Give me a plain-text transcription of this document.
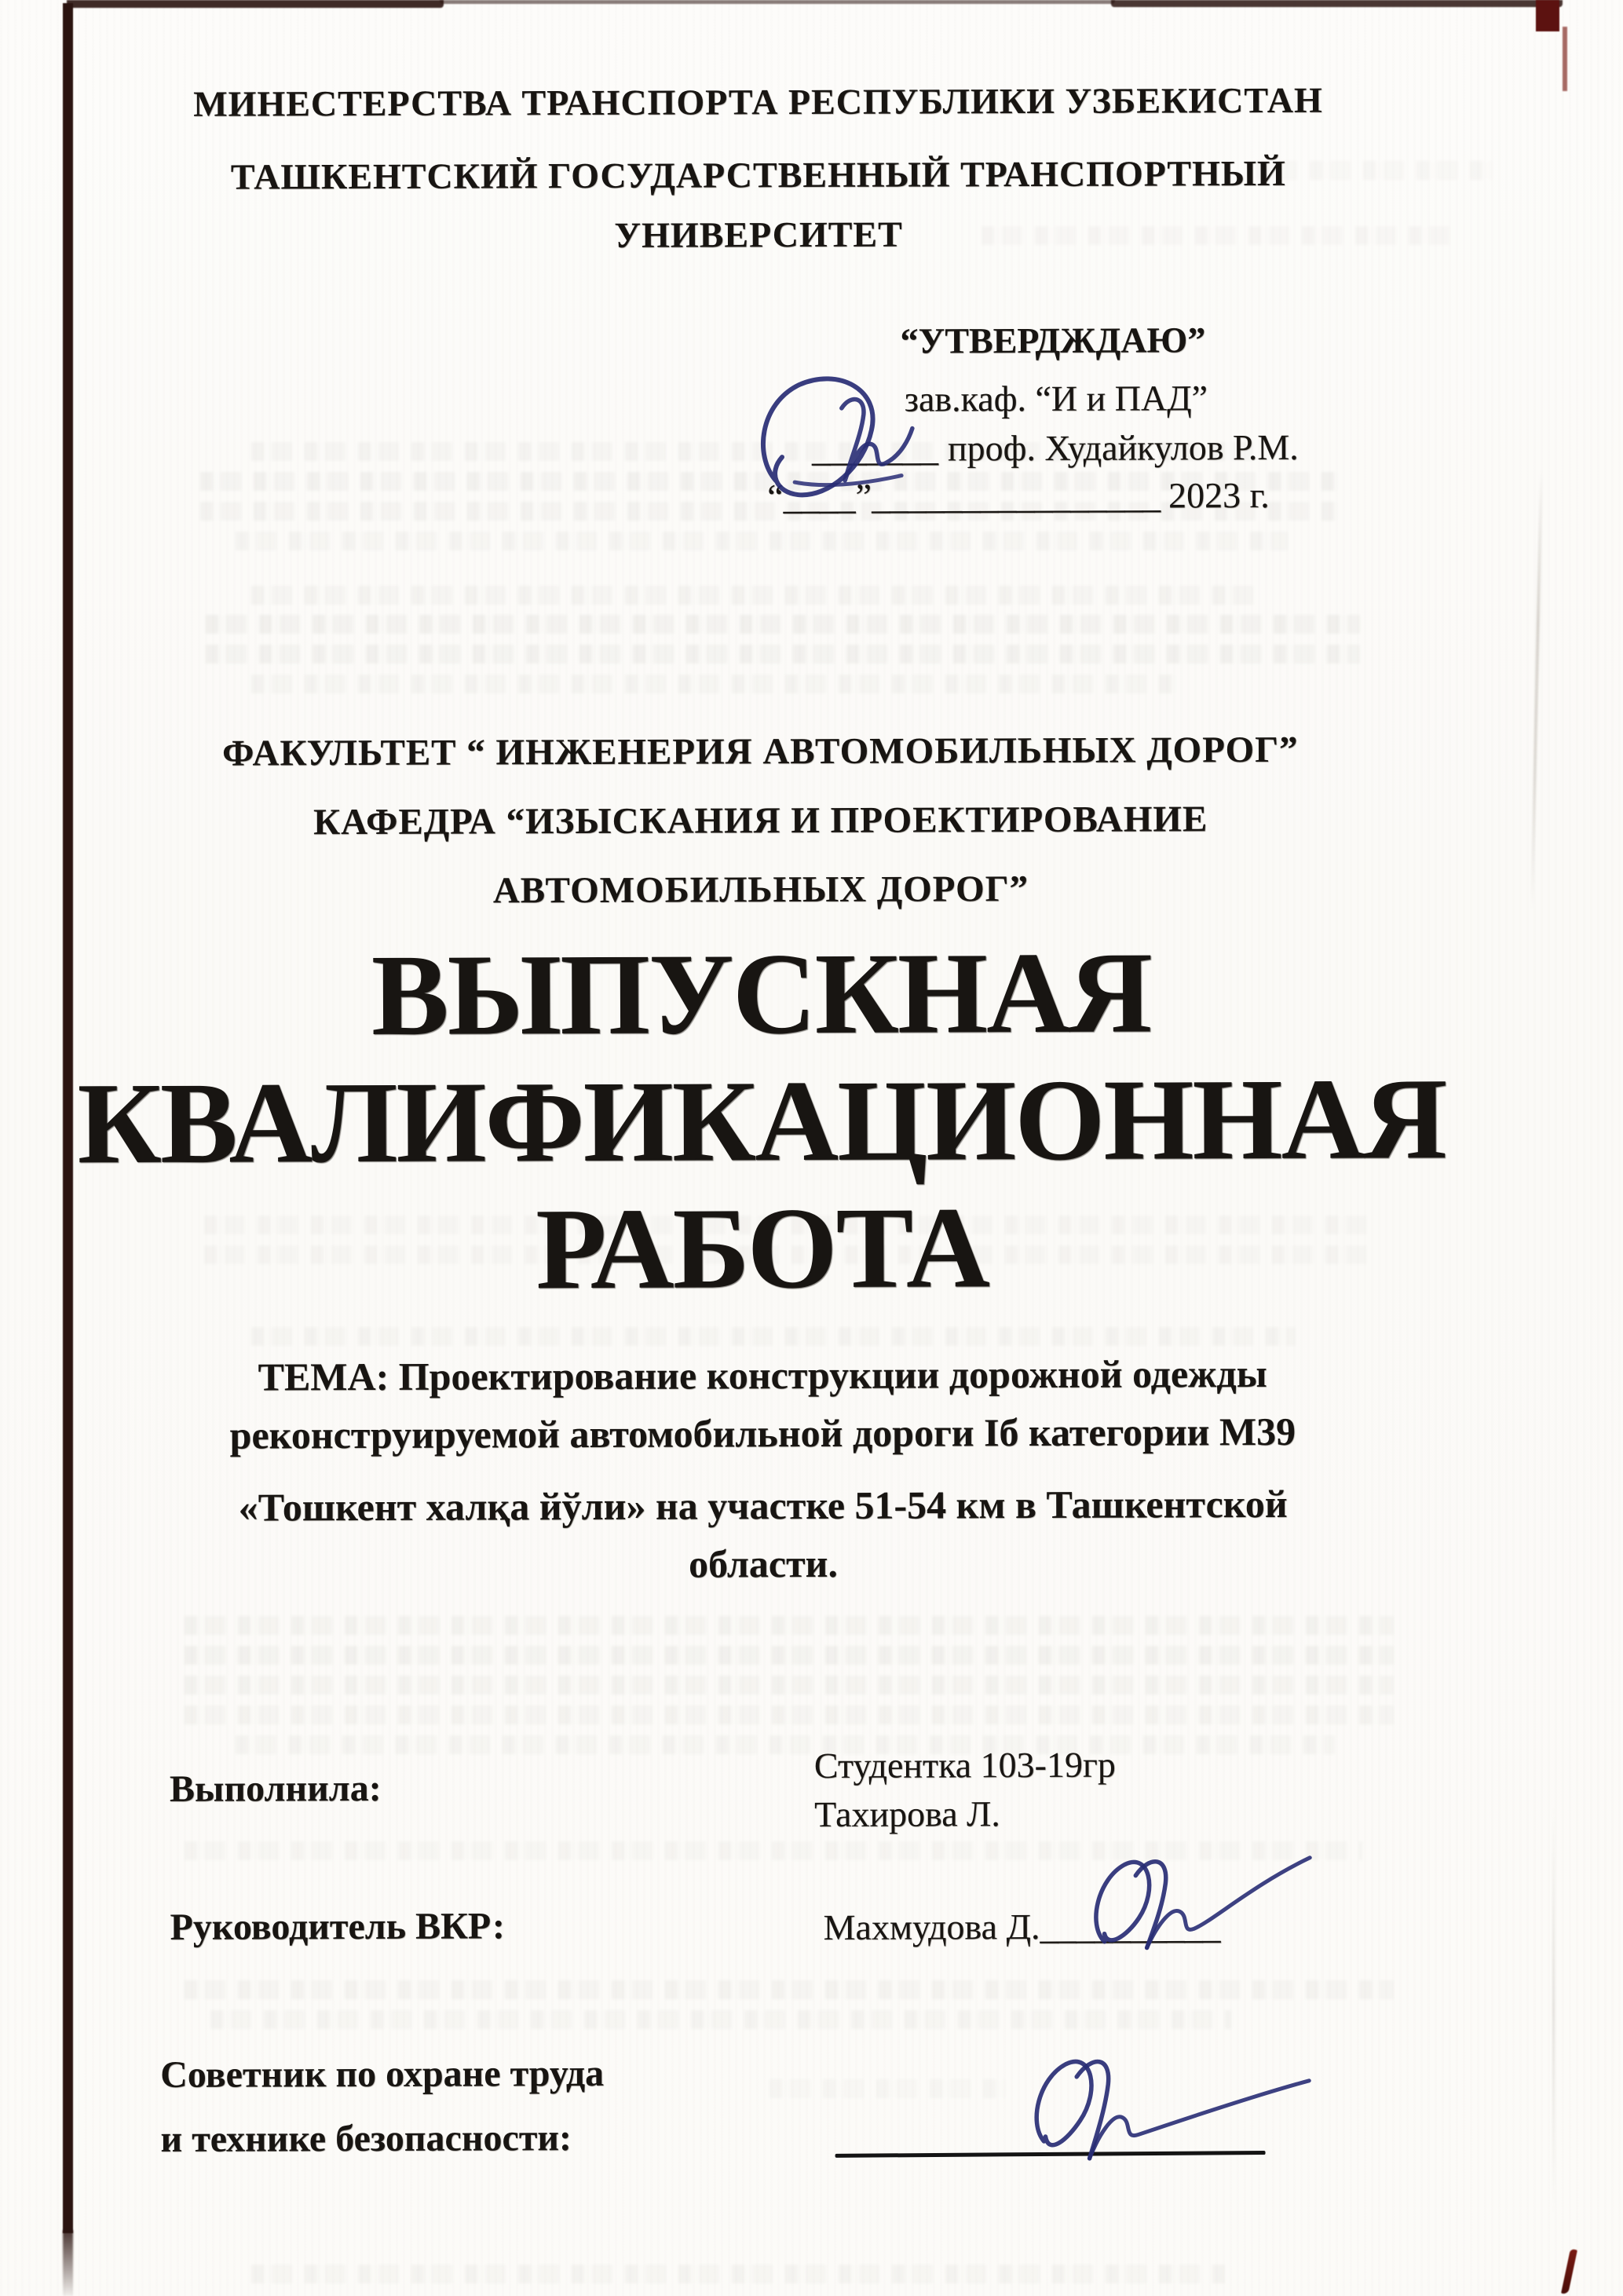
МИНЕСТЕРСТВА ТРАНСПОРТА РЕСПУБЛИКИ УЗБЕКИСТАН
ТАШКЕНТСКИЙ ГОСУДАРСТВЕННЫЙ ТРАНСПОРТНЫЙ
УНИВЕРСИТЕТ
“УТВЕРДЖДАЮ”
зав.каф. “И и ПАД”
_______ проф. Худайкулов Р.М.
“____”________________ 2023 г.
ФАКУЛЬТЕТ “ ИНЖЕНЕРИЯ АВТОМОБИЛЬНЫХ ДОРОГ”
КАФЕДРА “ИЗЫСКАНИЯ И ПРОЕКТИРОВАНИЕ
АВТОМОБИЛЬНЫХ ДОРОГ”
ВЫПУСКНАЯ
КВАЛИФИКАЦИОННАЯ
РАБОТА
ТЕМА: Проектирование конструкции дорожной одежды
реконструируемой автомобильной дороги Iб категории М39
«Тошкент халқа йўли» на участке 51-54 км в Ташкентской
области.
Выполнила:
Студентка 103-19гр
Тахирова Л.
Руководитель ВКР:	Махмудова Д.__________
Советник по охране труда
и технике безопасности:
